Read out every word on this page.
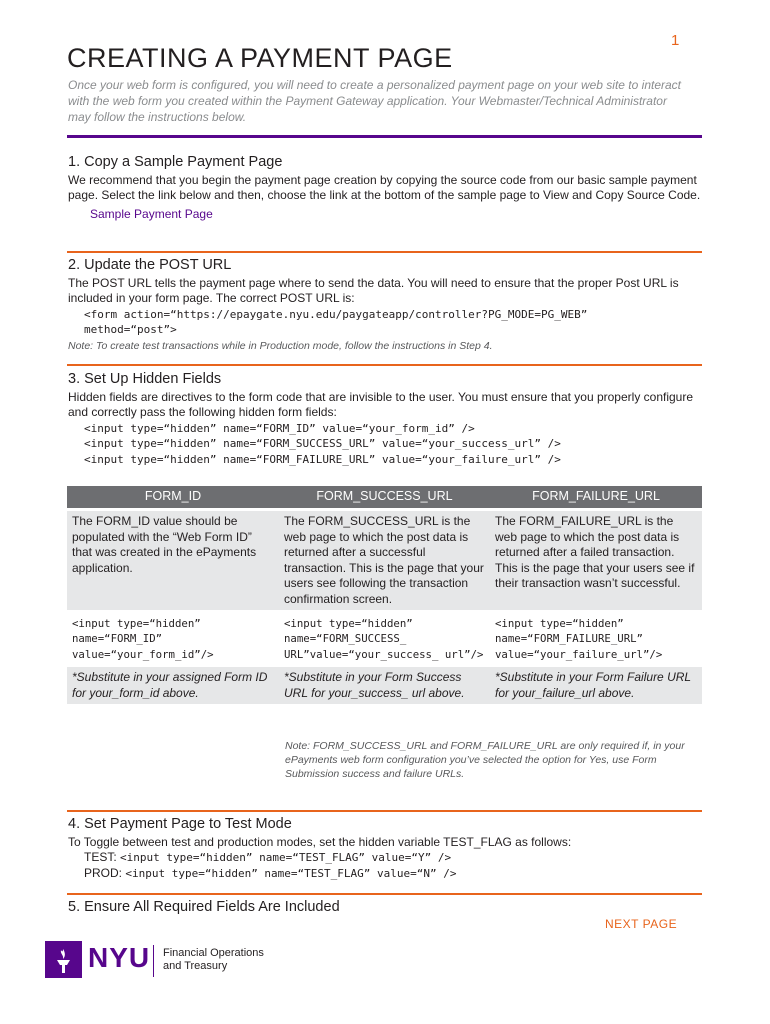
1
CREATING A PAYMENT PAGE
Once your web form is configured, you will need to create a personalized payment page on your web site to interact with the web form you created within the Payment Gateway application. Your Webmaster/Technical Administrator may follow the instructions below.
1. Copy a Sample Payment Page

We recommend that you begin the payment page creation by copying the source code from our basic sample payment page. Select the link below and then, choose the link at the bottom of the sample page to View and Copy Source Code.

Sample Payment Page
2. Update the POST URL

The POST URL tells the payment page where to send the data. You will need to ensure that the proper Post URL is included in your form page. The correct POST URL is:

<form action=“https://epaygate.nyu.edu/paygateapp/controller?PG_MODE=PG_WEB”
method=“post”>
Note: To create test transactions while in Production mode, follow the instructions in Step 4.
3. Set Up Hidden Fields

Hidden fields are directives to the form code that are invisible to the user. You must ensure that you properly configure and correctly pass the following hidden form fields:

<input type=“hidden” name=“FORM_ID” value=“your_form_id” />
<input type=“hidden” name=“FORM_SUCCESS_URL” value=“your_success_url” />
<input type=“hidden” name=“FORM_FAILURE_URL” value=“your_failure_url” />
FORM_ID	FORM_SUCCESS_URL	FORM_FAILURE_URL
The FORM_ID value should be populated with the “Web Form ID” that was created in the ePayments application.	The FORM_SUCCESS_URL is the web page to which the post data is returned after a successful transaction. This is the page that your users see following the transaction confirmation screen.	The FORM_FAILURE_URL is the web page to which the post data is returned after a failed transaction. This is the page that your users see if their transaction wasn’t successful.
<input type=“hidden” name=“FORM_ID” value=“your_form_id”/>	<input type=“hidden” name=“FORM_SUCCESS_ URL”value=“your_success_ url”/>	<input type=“hidden” name=“FORM_FAILURE_URL” value=“your_failure_url”/>
*Substitute in your assigned Form ID for your_form_id above.	*Substitute in your Form Success URL for your_success_ url above.	*Substitute in your Form Failure URL for your_failure_url above.
Note: FORM_SUCCESS_URL and FORM_FAILURE_URL are only required if, in your ePayments web form configuration you’ve selected the option for Yes, use Form Submission success and failure URLs.
4. Set Payment Page to Test Mode

To Toggle between test and production modes, set the hidden variable TEST_FLAG as follows:

TEST: <input type=“hidden” name=“TEST_FLAG” value=“Y” />
PROD: <input type=“hidden” name=“TEST_FLAG” value=“N” />
5. Ensure All Required Fields Are Included
NEXT PAGE
NYU Financial Operations
and Treasury
